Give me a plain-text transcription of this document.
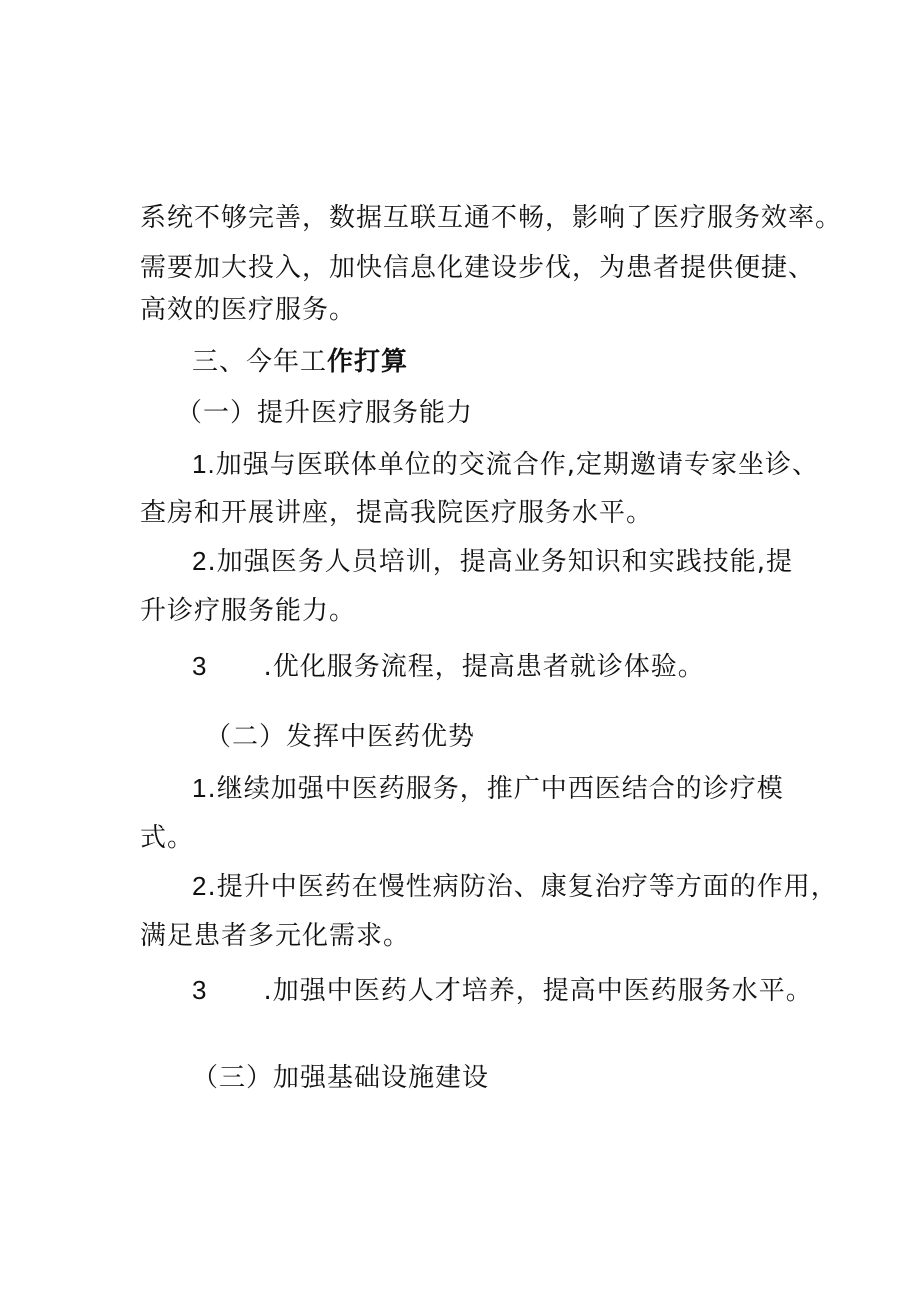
系统不够完善，数据互联互通不畅，影响了医疗服务效率。
需要加大投入，加快信息化建设步伐，为患者提供便捷、
高效的医疗服务。
三、今年工作打算
（一）提升医疗服务能力
1.加强与医联体单位的交流合作,定期邀请专家坐诊、
查房和开展讲座，提高我院医疗服务水平。
2.加强医务人员培训，提高业务知识和实践技能,提
升诊疗服务能力。
3 .优化服务流程，提高患者就诊体验。
（二）发挥中医药优势
1.继续加强中医药服务，推广中西医结合的诊疗模
式。
2.提升中医药在慢性病防治、康复治疗等方面的作用，
满足患者多元化需求。
3 .加强中医药人才培养，提高中医药服务水平。
（三）加强基础设施建设
